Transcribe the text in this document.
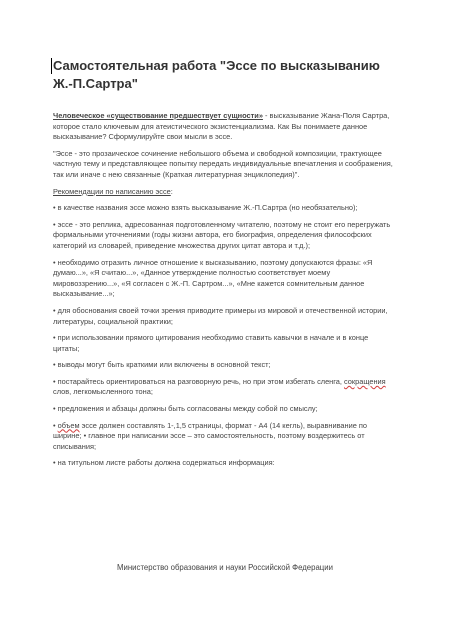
Самостоятельная работа "Эссе по высказыванию Ж.-П.Сартра"

Человеческое «существование предшествует сущности» - высказывание Жана-Поля Сартра, которое стало ключевым для атеистического экзистенциализма. Как Вы понимаете данное высказывание? Сформулируйте свои мысли в эссе.

"Эссе - это прозаическое сочинение небольшого объема и свободной композиции, трактующее частную тему и представляющее попытку передать индивидуальные впечатления и соображения, так или иначе с нею связанные (Краткая литературная энциклопедия)".

Рекомендации по написанию эссе:

• в качестве названия эссе можно взять высказывание Ж.-П.Сартра (но необязательно);

• эссе - это реплика, адресованная подготовленному читателю, поэтому не стоит его перегружать формальными уточнениями (годы жизни автора, его биография, определения философских категорий из словарей, приведение множества других цитат автора и т.д.);

• необходимо отразить личное отношение к высказыванию, поэтому допускаются фразы: «Я думаю...», «Я считаю...», «Данное утверждение полностью соответствует моему мировоззрению...», «Я согласен с Ж.-П. Сартром...», «Мне кажется сомнительным данное высказывание...»;

• для обоснования своей точки зрения приводите примеры из мировой и отечественной истории, литературы, социальной практики;

• при использовании прямого цитирования необходимо ставить кавычки в начале и в конце цитаты;

• выводы могут быть краткими или включены в основной текст;

• постарайтесь ориентироваться на разговорную речь, но при этом избегать сленга, сокращения слов, легкомысленного тона;

• предложения и абзацы должны быть согласованы между собой по смыслу;

• объем эссе должен составлять 1-,1,5 страницы, формат - А4 (14 кегль), выравнивание по ширине; • главное при написании эссе – это самостоятельность, поэтому воздержитесь от списывания;

• на титульном листе работы должна содержаться информация:

Министерство образования и науки Российской Федерации
